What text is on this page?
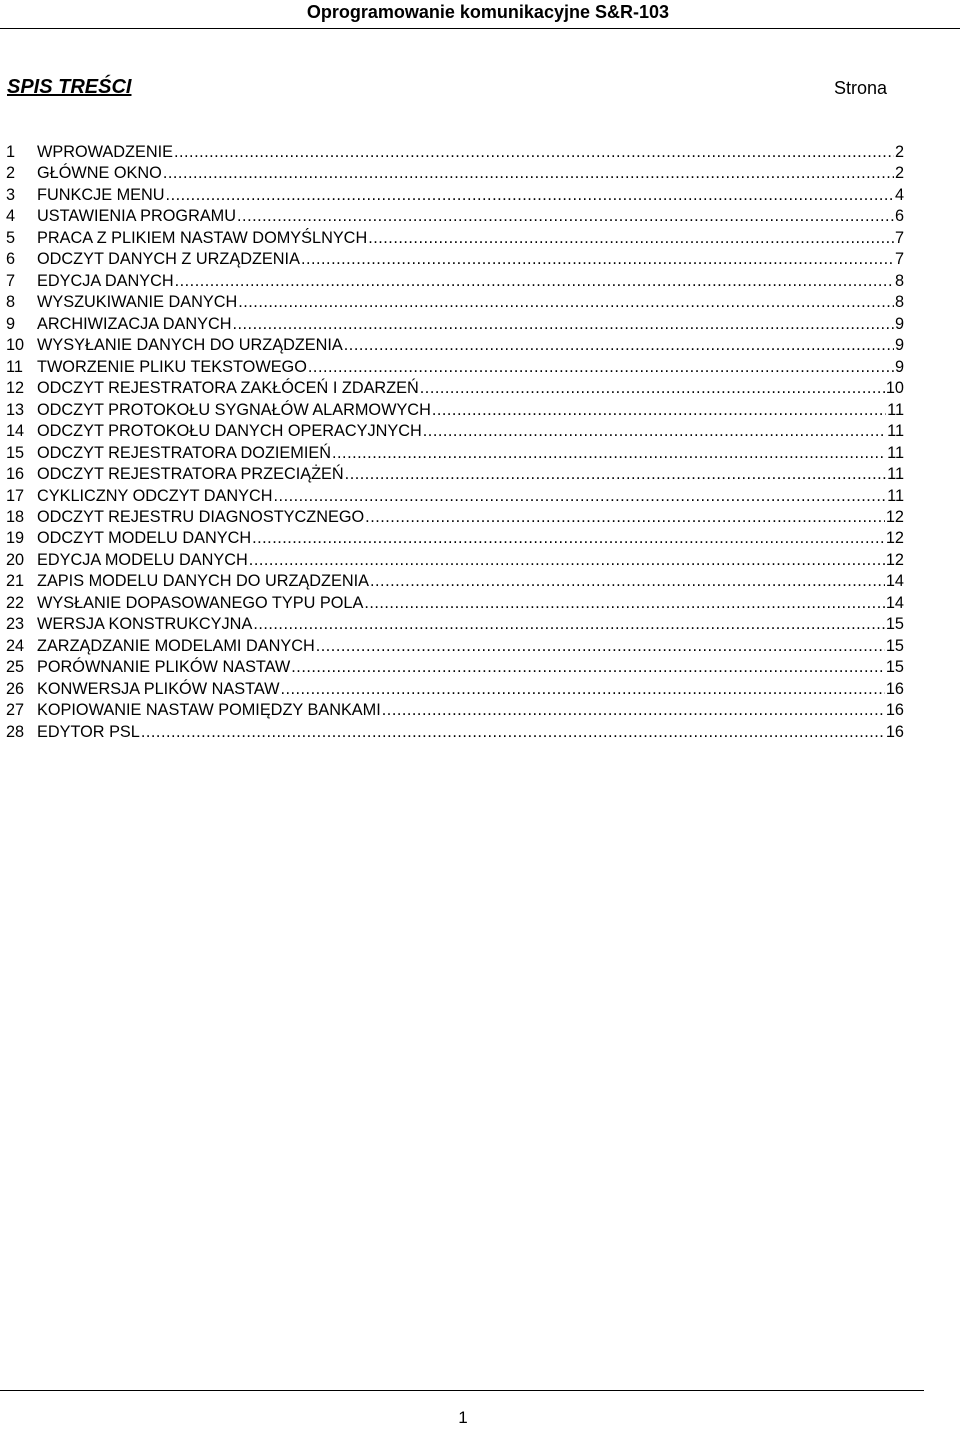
Oprogramowanie komunikacyjne S&R-103
SPIS TREŚCI	Strona
1	WPROWADZENIE .....	2
2	GŁÓWNE OKNO .....	2
3	FUNKCJE MENU .....	4
4	USTAWIENIA PROGRAMU .....	6
5	PRACA Z PLIKIEM NASTAW DOMYŚLNYCH .....	7
6	ODCZYT DANYCH Z URZĄDZENIA .....	7
7	EDYCJA DANYCH .....	8
8	WYSZUKIWANIE DANYCH .....	8
9	ARCHIWIZACJA DANYCH .....	9
10 WYSYŁANIE DANYCH DO URZĄDZENIA .....	9
11 TWORZENIE PLIKU TEKSTOWEGO .....	9
12 ODCZYT REJESTRATORA ZAKŁÓCEŃ I ZDARZEŃ .....	10
13 ODCZYT PROTOKOŁU SYGNAŁÓW ALARMOWYCH .....	11
14 ODCZYT PROTOKOŁU DANYCH OPERACYJNYCH .....	11
15 ODCZYT REJESTRATORA DOZIEMIEŃ .....	11
16 ODCZYT REJESTRATORA PRZECIĄŻEŃ .....	11
17 CYKLICZNY ODCZYT DANYCH .....	11
18 ODCZYT REJESTRU DIAGNOSTYCZNEGO .....	12
19 ODCZYT MODELU DANYCH .....	12
20 EDYCJA MODELU DANYCH .....	12
21 ZAPIS MODELU DANYCH DO URZĄDZENIA .....	14
22 WYSŁANIE DOPASOWANEGO TYPU POLA .....	14
23 WERSJA KONSTRUKCYJNA .....	15
24 ZARZĄDZANIE MODELAMI DANYCH .....	15
25 PORÓWNANIE PLIKÓW NASTAW .....	15
26 KONWERSJA PLIKÓW NASTAW .....	16
27 KOPIOWANIE NASTAW POMIĘDZY BANKAMI .....	16
28 EDYTOR PSL .....	16
1
